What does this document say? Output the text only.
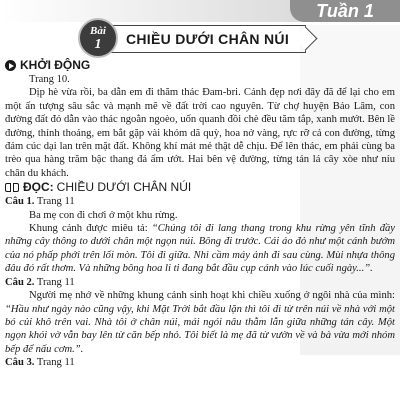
Tuần 1
CHIỀU DƯỚI CHÂN NÚI
Bài
1
KHỞI ĐỘNG

Trang 10.

Dịp hè vừa rồi, ba dẫn em đi thăm thác Đam-bri. Cảnh đẹp nơi đây đã để lại cho em một ấn tượng sâu sắc và mạnh mẽ về đất trời cao nguyên. Từ chợ huyện Bảo Lâm, con đường đất đỏ dẫn vào thác ngoằn ngoèo, uốn quanh đồi chè đều tăm tắp, xanh mướt. Bên lề đường, thỉnh thoảng, em bắt gặp vài khóm dã quỳ, hoa nở vàng, rực rỡ cả con đường, từng đám cúc dại lan trên mặt đất. Không khí mát mẻ thật dễ chịu. Để lên thác, em phải cùng ba trèo qua hàng trăm bậc thang đá ẩm ướt. Hai bên vệ đường, từng tán lá cây xòe như níu chân du khách.

ĐỌC: CHIỀU DƯỚI CHÂN NÚI

Câu 1. Trang 11

Ba mẹ con đi chơi ở một khu rừng.

Khung cảnh được miêu tả: “Chúng tôi đi lang thang trong khu rừng yên tĩnh đầy những cây thông to dưới chân một ngọn núi. Bông đi trước. Cái áo đỏ như một cánh bướm của nó phấp phới trên lối mòn. Tôi đi giữa. Nhi cầm máy ảnh đi sau cùng. Mùi nhựa thông đâu đó rất thơm. Và những bông hoa li ti đang bắt đầu cụp cánh vào lúc cuối ngày...”.

Câu 2. Trang 11

Người mẹ nhớ về những khung cảnh sinh hoạt khi chiều xuống ở ngôi nhà của mình: “Hầu như ngày nào cũng vậy, khi Mặt Trời bắt đầu lặn thì tôi đi từ trên núi về nhà với một bó củi khô trên vai. Nhà tôi ở chân núi, mái ngói nâu thẫm lẫn giữa những tán cây. Một ngọn khói vờ vẫn bay lên từ căn bếp nhỏ. Tôi biết là mẹ đã từ vườn về và bà vừa mới nhóm bếp để nấu cơm.”.

Câu 3. Trang 11
